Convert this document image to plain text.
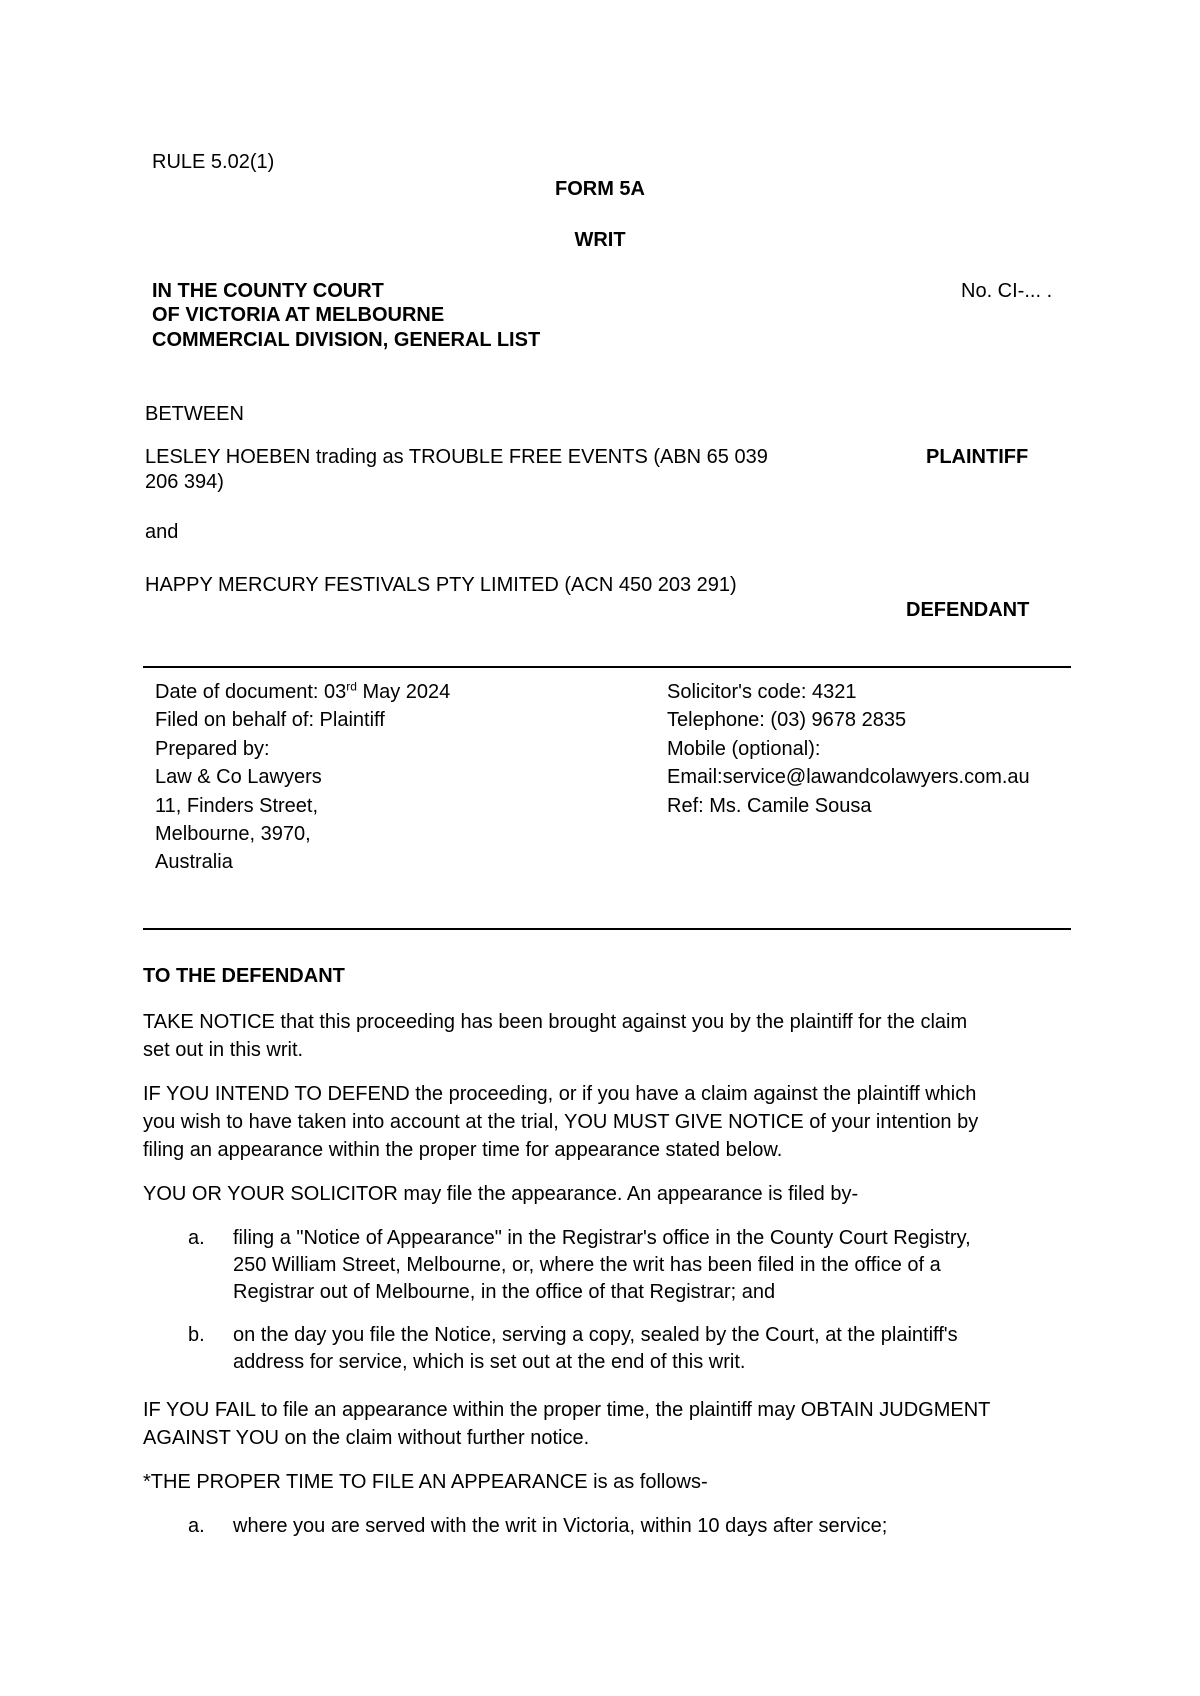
RULE 5.02(1)
FORM 5A
WRIT
IN THE COUNTY COURT
OF VICTORIA AT MELBOURNE
COMMERCIAL DIVISION, GENERAL LIST
No. CI-... .
BETWEEN
LESLEY HOEBEN trading as TROUBLE FREE EVENTS (ABN 65 039
206 394)
PLAINTIFF
and
HAPPY MERCURY FESTIVALS PTY LIMITED (ACN 450 203 291)
DEFENDANT
Date of document: 03rd May 2024
Filed on behalf of: Plaintiff
Prepared by:
Law & Co Lawyers
11, Finders Street,
Melbourne, 3970,
Australia
Solicitor's code: 4321
Telephone: (03) 9678 2835
Mobile (optional):
Email:service@lawandcolawyers.com.au
Ref: Ms. Camile Sousa
TO THE DEFENDANT
TAKE NOTICE that this proceeding has been brought against you by the plaintiff for the claim
set out in this writ.
IF YOU INTEND TO DEFEND the proceeding, or if you have a claim against the plaintiff which
you wish to have taken into account at the trial, YOU MUST GIVE NOTICE of your intention by
filing an appearance within the proper time for appearance stated below.
YOU OR YOUR SOLICITOR may file the appearance. An appearance is filed by-
a. filing a "Notice of Appearance" in the Registrar's office in the County Court Registry,
250 William Street, Melbourne, or, where the writ has been filed in the office of a
Registrar out of Melbourne, in the office of that Registrar; and
b. on the day you file the Notice, serving a copy, sealed by the Court, at the plaintiff's
address for service, which is set out at the end of this writ.
IF YOU FAIL to file an appearance within the proper time, the plaintiff may OBTAIN JUDGMENT
AGAINST YOU on the claim without further notice.
*THE PROPER TIME TO FILE AN APPEARANCE is as follows-
a. where you are served with the writ in Victoria, within 10 days after service;
